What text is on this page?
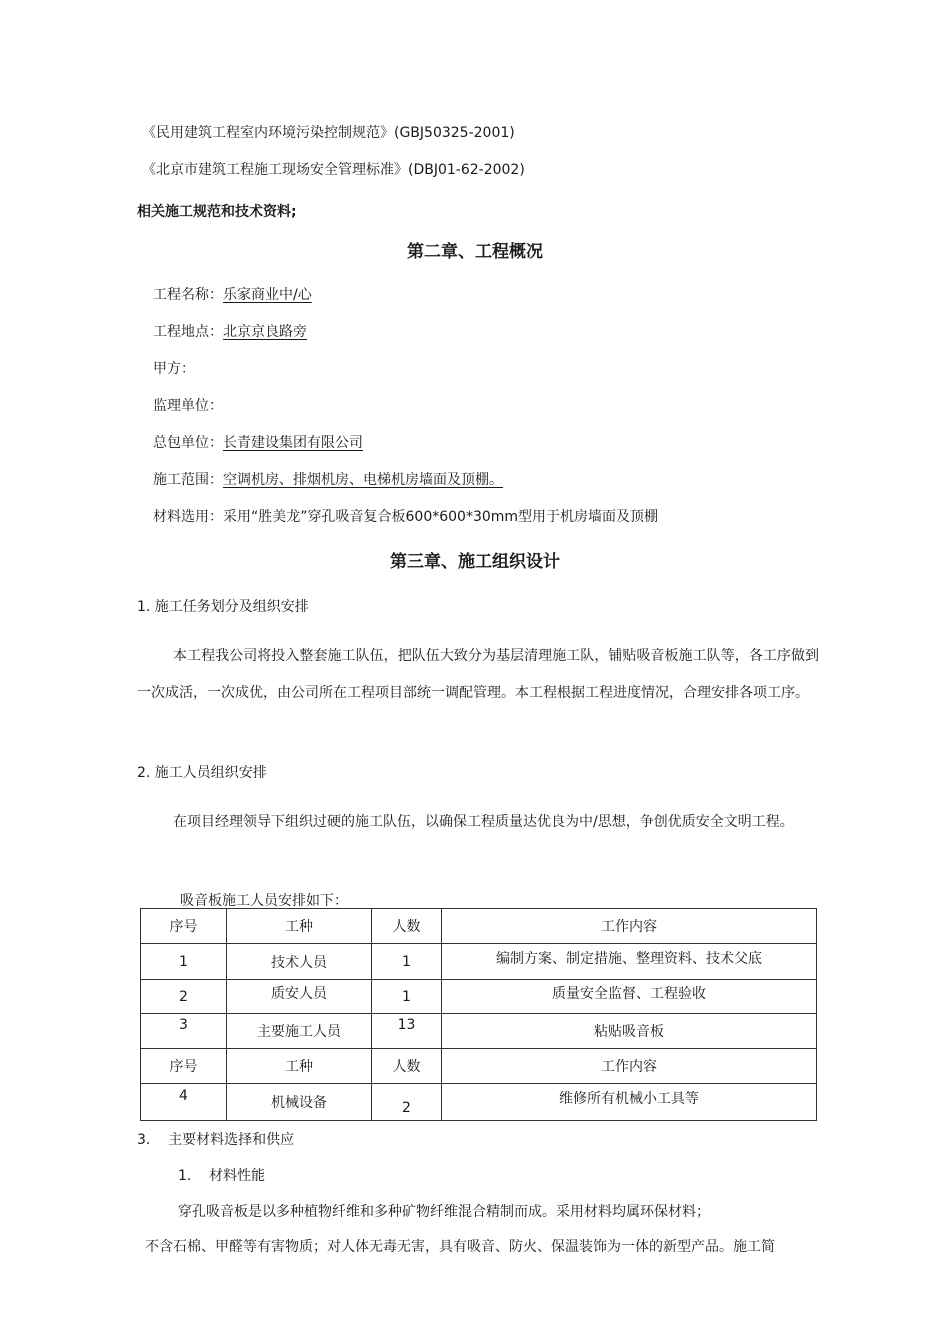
《民用建筑工程室内环境污染控制规范》(GBJ50325-2001)
《北京市建筑工程施工现场安全管理标准》(DBJ01-62-2002)
相关施工规范和技术资料;
第二章、工程概况
工程名称：乐家商业中/心
工程地点：北京京良路旁
甲方：
监理单位：
总包单位：长青建设集团有限公司
施工范围：空调机房、排烟机房、电梯机房墙面及顶棚。
材料选用：采用“胜美龙”穿孔吸音复合板600*600*30mm型用于机房墙面及顶棚
第三章、施工组织设计
1. 施工任务划分及组织安排
本工程我公司将投入整套施工队伍，把队伍大致分为基层清理施工队，铺贴吸音板施工队等，各工序做到一次成活，一次成优，由公司所在工程项目部统一调配管理。本工程根据工程进度情况，合理安排各项工序。
2. 施工人员组织安排
在项目经理领导下组织过硬的施工队伍，以确保工程质量达优良为中/思想，争创优质安全文明工程。
吸音板施工人员安排如下：
序号	工种	人数	工作内容
1	技术人员	1	编制方案、制定措施、整理资料、技术父底
2	质安人员	1	质量安全监督、工程验收
3	主要施工人员	13	粘贴吸音板
序号	工种	人数	工作内容
4	机械设备	2	维修所有机械小工具等
3.    主要材料选择和供应
1.    材料性能
穿孔吸音板是以多种植物纤维和多种矿物纤维混合精制而成。采用材料均属环保材料；
不含石棉、甲醛等有害物质；对人体无毒无害，具有吸音、防火、保温装饰为一体的新型产品。施工简
